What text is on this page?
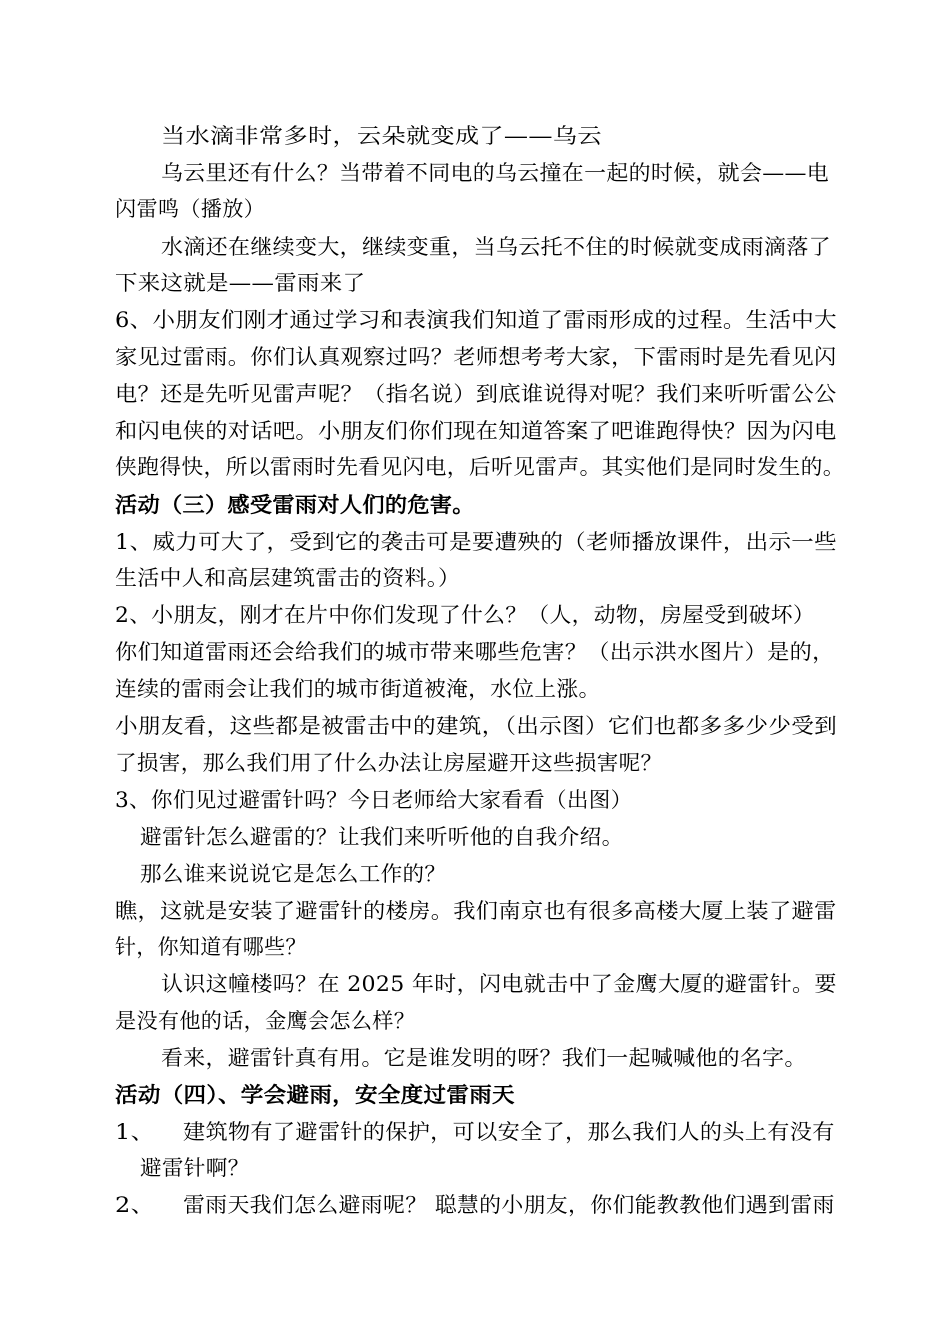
当水滴非常多时，云朵就变成了——乌云
乌云里还有什么？当带着不同电的乌云撞在一起的时候，就会——电
闪雷鸣（播放）
水滴还在继续变大，继续变重，当乌云托不住的时候就变成雨滴落了
下来这就是——雷雨来了
6、小朋友们刚才通过学习和表演我们知道了雷雨形成的过程。生活中大
家见过雷雨。你们认真观察过吗？老师想考考大家，下雷雨时是先看见闪
电？还是先听见雷声呢？（指名说）到底谁说得对呢？我们来听听雷公公
和闪电侠的对话吧。小朋友们你们现在知道答案了吧谁跑得快？因为闪电
侠跑得快，所以雷雨时先看见闪电，后听见雷声。其实他们是同时发生的。
活动（三）感受雷雨对人们的危害。
1、威力可大了，受到它的袭击可是要遭殃的（老师播放课件，出示一些
生活中人和高层建筑雷击的资料。）
2、小朋友，刚才在片中你们发现了什么？（人，动物，房屋受到破坏）
你们知道雷雨还会给我们的城市带来哪些危害？（出示洪水图片）是的，
连续的雷雨会让我们的城市街道被淹，水位上涨。
小朋友看，这些都是被雷击中的建筑，（出示图）它们也都多多少少受到
了损害，那么我们用了什么办法让房屋避开这些损害呢？
3、你们见过避雷针吗？今日老师给大家看看（出图）
避雷针怎么避雷的？让我们来听听他的自我介绍。
那么谁来说说它是怎么工作的？
瞧，这就是安装了避雷针的楼房。我们南京也有很多高楼大厦上装了避雷
针，你知道有哪些？
认识这幢楼吗？在 2025 年时，闪电就击中了金鹰大厦的避雷针。要
是没有他的话，金鹰会怎么样？
看来，避雷针真有用。它是谁发明的呀？我们一起喊喊他的名字。
活动（四）、学会避雨，安全度过雷雨天
1、 建筑物有了避雷针的保护，可以安全了，那么我们人的头上有没有
避雷针啊？
2、 雷雨天我们怎么避雨呢？ 聪慧的小朋友，你们能教教他们遇到雷雨
